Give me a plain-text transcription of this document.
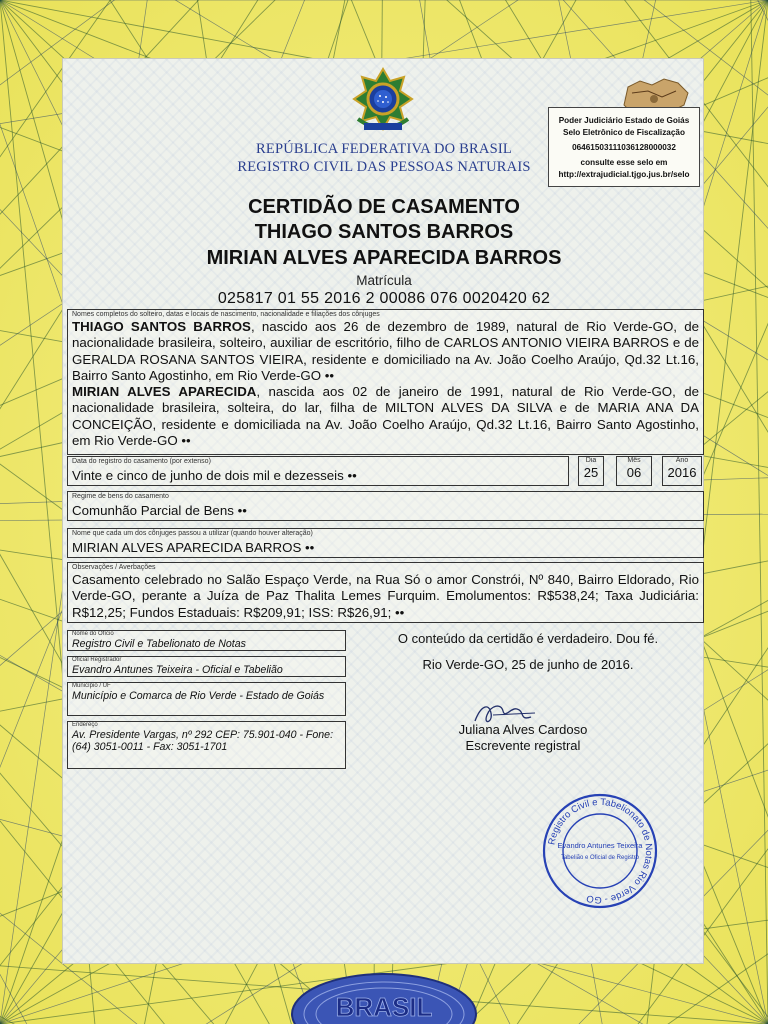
REPÚBLICA FEDERATIVA DO BRASIL
REGISTRO CIVIL DAS PESSOAS NATURAIS
Poder Judiciário Estado de Goiás
Selo Eletrônico de Fiscalização
06461503111036128000032
consulte esse selo em
http://extrajudicial.tjgo.jus.br/selo
CERTIDÃO DE CASAMENTO
THIAGO SANTOS BARROS
MIRIAN ALVES APARECIDA BARROS
Matrícula
025817 01 55 2016 2 00086 076 0020420 62
Nomes completos do solteiro, datas e locais de nascimento, nacionalidade e filiações dos cônjuges
THIAGO SANTOS BARROS, nascido aos 26 de dezembro de 1989, natural de Rio Verde-GO, de nacionalidade brasileira, solteiro, auxiliar de escritório, filho de CARLOS ANTONIO VIEIRA BARROS e de GERALDA ROSANA SANTOS VIEIRA, residente e domiciliado na Av. João Coelho Araújo, Qd.32 Lt.16, Bairro Santo Agostinho, em Rio Verde-GO ••
MIRIAN ALVES APARECIDA, nascida aos 02 de janeiro de 1991, natural de Rio Verde-GO, de nacionalidade brasileira, solteira, do lar, filha de MILTON ALVES DA SILVA e de MARIA ANA DA CONCEIÇÃO, residente e domiciliada na Av. João Coelho Araújo, Qd.32 Lt.16, Bairro Santo Agostinho, em Rio Verde-GO ••
Data do registro do casamento (por extenso)
Vinte e cinco de junho de dois mil e dezesseis ••
Dia
25
Mês
06
Ano
2016
Regime de bens do casamento
Comunhão Parcial de Bens ••
Nome que cada um dos cônjuges passou a utilizar (quando houver alteração)
MIRIAN ALVES APARECIDA BARROS ••
Observações / Averbações
Casamento celebrado no Salão Espaço Verde, na Rua Só o amor Constrói, Nº 840, Bairro Eldorado, Rio Verde-GO, perante a Juíza de Paz Thalita Lemes Furquim. Emolumentos: R$538,24; Taxa Judiciária: R$12,25; Fundos Estaduais: R$209,91; ISS: R$26,91; ••
Nome do Ofício
Registro Civil e Tabelionato de Notas
Oficial Registrador
Evandro Antunes Teixeira - Oficial e Tabelião
Município / UF
Município e Comarca de Rio Verde - Estado de Goiás
Endereço
Av. Presidente Vargas, nº 292 CEP: 75.901-040 - Fone: (64) 3051-0011 - Fax: 3051-1701
O conteúdo da certidão é verdadeiro. Dou fé.
Rio Verde-GO, 25 de junho de 2016.
Juliana Alves Cardoso
Escrevente registral
Registro Civil e Tabelionato de Notas Rio Verde - GO
Evandro Antunes Teixeira
Tabelião e Oficial de Registro
BRASIL
